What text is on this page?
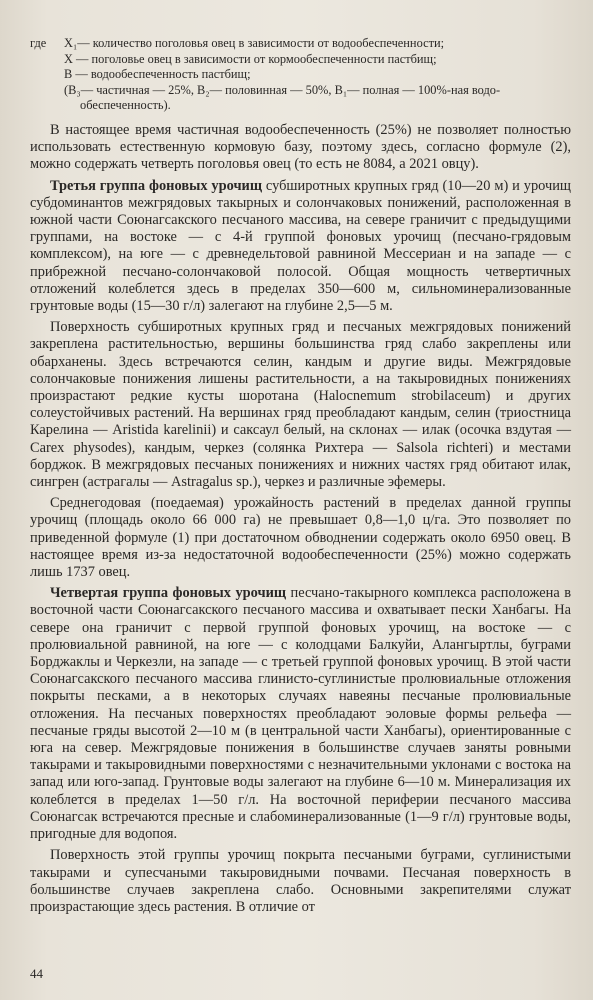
где	X₁— количество поголовья овец в зависимости от водообеспеченности;
X — поголовье овец в зависимости от кормообеспеченности пастбищ;
B — водообеспеченность пастбищ;
(B₃— частичная — 25%, B₂— половинная — 50%, B₁— полная — 100%-ная водо-
обеспеченность).

В настоящее время частичная водообеспеченность (25%) не позволяет полностью использовать естественную кормовую базу, поэтому здесь, согласно формуле (2), можно содержать четверть поголовья овец (то есть не 8084, а 2021 овцу).

Третья группа фоновых урочищ субширотных крупных гряд (10—20 м) и урочищ субдоминантов межгрядовых такырных и солончаковых понижений, расположенная в южной части Союнагсакского песчаного массива, на севере граничит с предыдущими группами, на востоке — с 4-й группой фоновых урочищ (песчано-грядовым комплексом), на юге — с древнедельтовой равниной Мессериан и на западе — с прибрежной песчано-солончаковой полосой. Общая мощность четвертичных отложений колеблется здесь в пределах 350—600 м, сильноминерализованные грунтовые воды (15—30 г/л) залегают на глубине 2,5—5 м.

Поверхность субширотных крупных гряд и песчаных межгрядовых понижений закреплена растительностью, вершины большинства гряд слабо закреплены или обарханены. Здесь встречаются селин, кандым и другие виды. Межгрядовые солончаковые понижения лишены растительности, а на такыровидных понижениях произрастают редкие кусты шоротана (Halocnemum strobilaceum) и других солеустойчивых растений. На вершинах гряд преобладают кандым, селин (триостница Карелина — Aristida karelinii) и саксаул белый, на склонах — илак (осочка вздутая — Carex physodes), кандым, черкез (солянка Рихтера — Salsola richteri) и местами борджок. В межгрядовых песчаных понижениях и нижних частях гряд обитают илак, сингрен (астрагалы — Astragalus sp.), черкез и различные эфемеры.

Среднегодовая (поедаемая) урожайность растений в пределах данной группы урочищ (площадь около 66 000 га) не превышает 0,8—1,0 ц/га. Это позволяет по приведенной формуле (1) при достаточном обводнении содержать около 6950 овец. В настоящее время из-за недостаточной водообеспеченности (25%) можно содержать лишь 1737 овец.

Четвертая группа фоновых урочищ песчано-такырного комплекса расположена в восточной части Союнагсакского песчаного массива и охватывает пески Ханбагы. На севере она граничит с первой группой фоновых урочищ, на востоке — с пролювиальной равниной, на юге — с колодцами Балкуйи, Алангыртлы, буграми Борджаклы и Черкезли, на западе — с третьей группой фоновых урочищ. В этой части Союнагсакского песчаного массива глинисто-суглинистые пролювиальные отложения покрыты песками, а в некоторых случаях навеяны песчаные пролювиальные отложения. На песчаных поверхностях преобладают эоловые формы рельефа — песчаные гряды высотой 2—10 м (в центральной части Ханбагы), ориентированные с юга на север. Межгрядовые понижения в большинстве случаев заняты ровными такырами и такыровидными поверхностями с незначительными уклонами с востока на запад или юго-запад. Грунтовые воды залегают на глубине 6—10 м. Минерализация их колеблется в пределах 1—50 г/л. На восточной периферии песчаного массива Союнагсак встречаются пресные и слабоминерализованные (1—9 г/л) грунтовые воды, пригодные для водопоя.

Поверхность этой группы урочищ покрыта песчаными буграми, суглинистыми такырами и супесчаными такыровидными почвами. Песчаная поверхность в большинстве случаев закреплена слабо. Основными закрепителями служат произрастающие здесь растения. В отличие от

44
